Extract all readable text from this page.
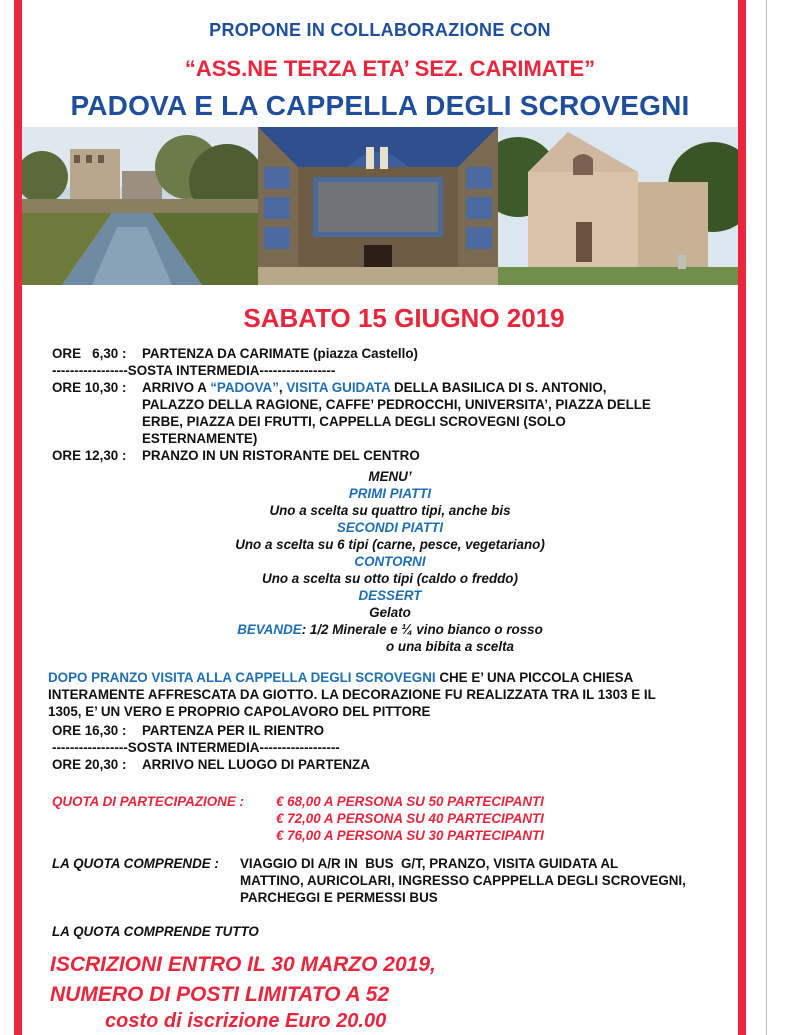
PROPONE IN COLLABORAZIONE CON
“ASS.NE TERZA ETA’ SEZ. CARIMATE”
PADOVA E LA CAPPELLA DEGLI SCROVEGNI
SABATO 15 GIUGNO 2019
ORE   6,30 : PARTENZA DA CARIMATE (piazza Castello)
-----------------SOSTA INTERMEDIA-----------------
ORE 10,30 : ARRIVO A “PADOVA”, VISITA GUIDATA DELLA BASILICA DI S. ANTONIO,
PALAZZO DELLA RAGIONE, CAFFE’ PEDROCCHI, UNIVERSITA’, PIAZZA DELLE
ERBE, PIAZZA DEI FRUTTI, CAPPELLA DEGLI SCROVEGNI (SOLO
ESTERNAMENTE)
ORE 12,30 : PRANZO IN UN RISTORANTE DEL CENTRO
MENU’
PRIMI PIATTI
Uno a scelta su quattro tipi, anche bis
SECONDI PIATTI
Uno a scelta su 6 tipi (carne, pesce, vegetariano)
CONTORNI
Uno a scelta su otto tipi (caldo o freddo)
DESSERT
Gelato
BEVANDE: 1/2 Minerale e ¼ vino bianco o rosso
o una bibita a scelta
DOPO PRANZO VISITA ALLA CAPPELLA DEGLI SCROVEGNI CHE E’ UNA PICCOLA CHIESA
INTERAMENTE AFFRESCATA DA GIOTTO. LA DECORAZIONE FU REALIZZATA TRA IL 1303 E IL
1305, E’ UN VERO E PROPRIO CAPOLAVORO DEL PITTORE
ORE 16,30 : PARTENZA PER IL RIENTRO
-----------------SOSTA INTERMEDIA------------------
ORE 20,30 : ARRIVO NEL LUOGO DI PARTENZA
QUOTA DI PARTECIPAZIONE : € 68,00 A PERSONA SU 50 PARTECIPANTI
€ 72,00 A PERSONA SU 40 PARTECIPANTI
€ 76,00 A PERSONA SU 30 PARTECIPANTI
LA QUOTA COMPRENDE : VIAGGIO DI A/R IN  BUS  G/T, PRANZO, VISITA GUIDATA AL
MATTINO, AURICOLARI, INGRESSO CAPPPELLA DEGLI SCROVEGNI,
PARCHEGGI E PERMESSI BUS
LA QUOTA COMPRENDE TUTTO
ISCRIZIONI ENTRO IL 30 MARZO 2019,
NUMERO DI POSTI LIMITATO A 52
costo di iscrizione Euro 20.00
